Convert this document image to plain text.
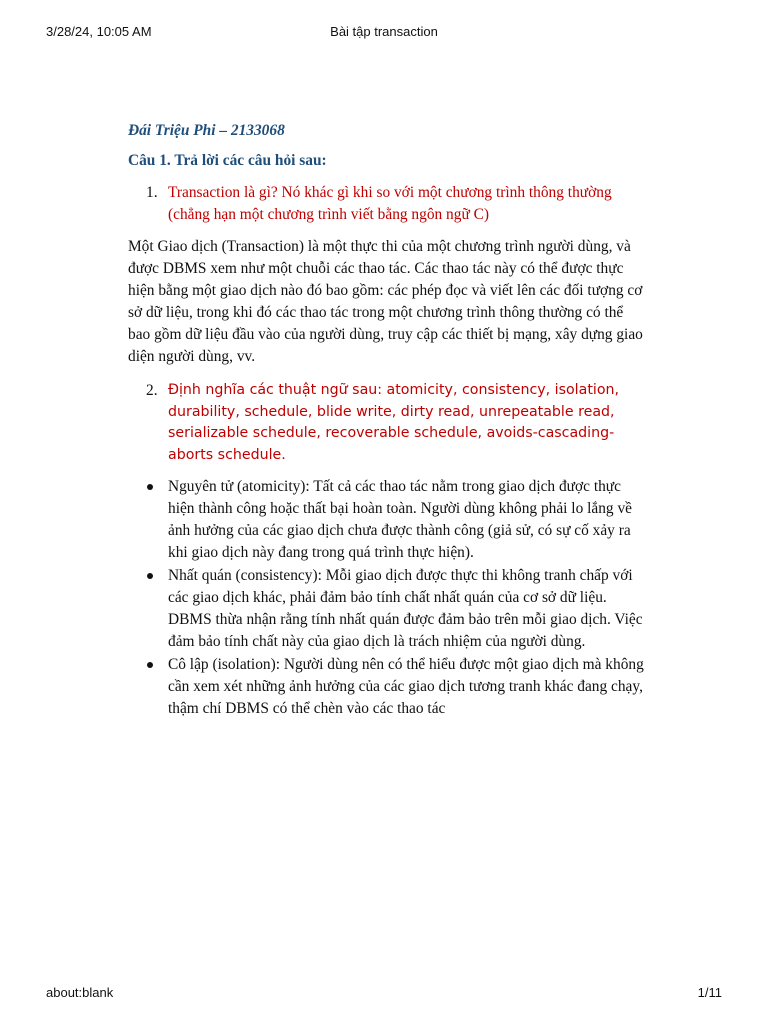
3/28/24, 10:05 AM	Bài tập transaction

Đái Triệu Phi – 2133068

Câu 1. Trả lời các câu hỏi sau:

1. Transaction là gì? Nó khác gì khi so với một chương trình thông thường (chẳng hạn một chương trình viết bằng ngôn ngữ C)

Một Giao dịch (Transaction) là một thực thi của một chương trình người dùng, và được DBMS xem như một chuỗi các thao tác. Các thao tác này có thể được thực hiện bằng một giao dịch nào đó bao gồm: các phép đọc và viết lên các đối tượng cơ sở dữ liệu, trong khi đó các thao tác trong một chương trình thông thường có thể bao gồm dữ liệu đầu vào của người dùng, truy cập các thiết bị mạng, xây dựng giao diện người dùng, vv.

2. Định nghĩa các thuật ngữ sau: atomicity, consistency, isolation, durability, schedule, blide write, dirty read, unrepeatable read, serializable schedule, recoverable schedule, avoids-cascading-aborts schedule.
Nguyên tử (atomicity): Tất cả các thao tác nằm trong giao dịch được thực hiện thành công hoặc thất bại hoàn toàn. Người dùng không phải lo lắng về ảnh hưởng của các giao dịch chưa được thành công (giả sử, có sự cố xảy ra khi giao dịch này đang trong quá trình thực hiện).
Nhất quán (consistency): Mỗi giao dịch được thực thi không tranh chấp với các giao dịch khác, phải đảm bảo tính chất nhất quán của cơ sở dữ liệu. DBMS thừa nhận rằng tính nhất quán được đảm bảo trên mỗi giao dịch. Việc đảm bảo tính chất này của giao dịch là trách nhiệm của người dùng.
Cô lập (isolation): Người dùng nên có thể hiểu được một giao dịch mà không cần xem xét những ảnh hưởng của các giao dịch tương tranh khác đang chạy, thậm chí DBMS có thể chèn vào các thao tác
about:blank	1/11
